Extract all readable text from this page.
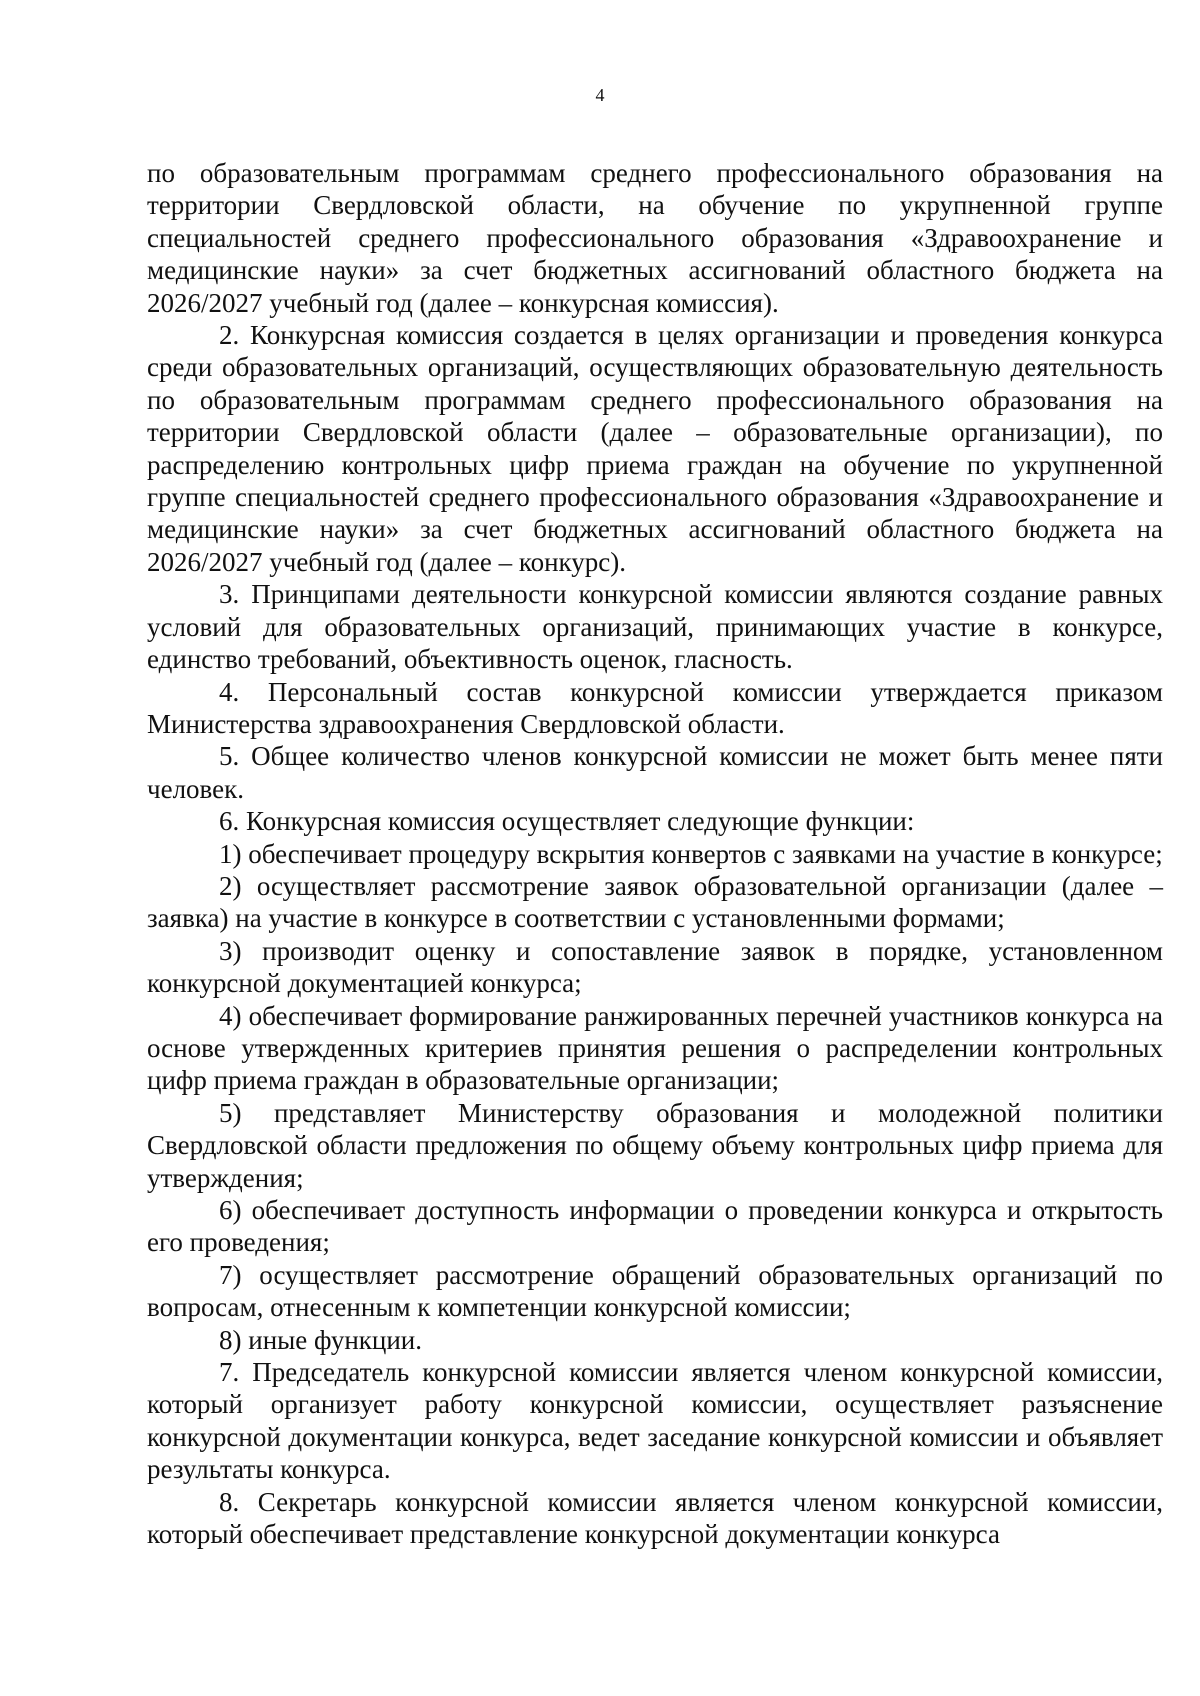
4

по образовательным программам среднего профессионального образования на территории Свердловской области, на обучение по укрупненной группе специальностей среднего профессионального образования «Здравоохранение и медицинские науки» за счет бюджетных ассигнований областного бюджета на 2026/2027 учебный год (далее – конкурсная комиссия).

2. Конкурсная комиссия создается в целях организации и проведения конкурса среди образовательных организаций, осуществляющих образовательную деятельность по образовательным программам среднего профессионального образования на территории Свердловской области (далее – образовательные организации), по распределению контрольных цифр приема граждан на обучение по укрупненной группе специальностей среднего профессионального образования «Здравоохранение и медицинские науки» за счет бюджетных ассигнований областного бюджета на 2026/2027 учебный год (далее – конкурс).

3. Принципами деятельности конкурсной комиссии являются создание равных условий для образовательных организаций, принимающих участие в конкурсе, единство требований, объективность оценок, гласность.

4. Персональный состав конкурсной комиссии утверждается приказом Министерства здравоохранения Свердловской области.

5. Общее количество членов конкурсной комиссии не может быть менее пяти человек.

6. Конкурсная комиссия осуществляет следующие функции:

1) обеспечивает процедуру вскрытия конвертов с заявками на участие в конкурсе;

2) осуществляет рассмотрение заявок образовательной организации (далее – заявка) на участие в конкурсе в соответствии с установленными формами;

3) производит оценку и сопоставление заявок в порядке, установленном конкурсной документацией конкурса;

4) обеспечивает формирование ранжированных перечней участников конкурса на основе утвержденных критериев принятия решения о распределении контрольных цифр приема граждан в образовательные организации;

5) представляет Министерству образования и молодежной политики Свердловской области предложения по общему объему контрольных цифр приема для утверждения;

6) обеспечивает доступность информации о проведении конкурса и открытость его проведения;

7) осуществляет рассмотрение обращений образовательных организаций по вопросам, отнесенным к компетенции конкурсной комиссии;

8) иные функции.

7. Председатель конкурсной комиссии является членом конкурсной комиссии, который организует работу конкурсной комиссии, осуществляет разъяснение конкурсной документации конкурса, ведет заседание конкурсной комиссии и объявляет результаты конкурса.

8. Секретарь конкурсной комиссии является членом конкурсной комиссии, который обеспечивает представление конкурсной документации конкурса
